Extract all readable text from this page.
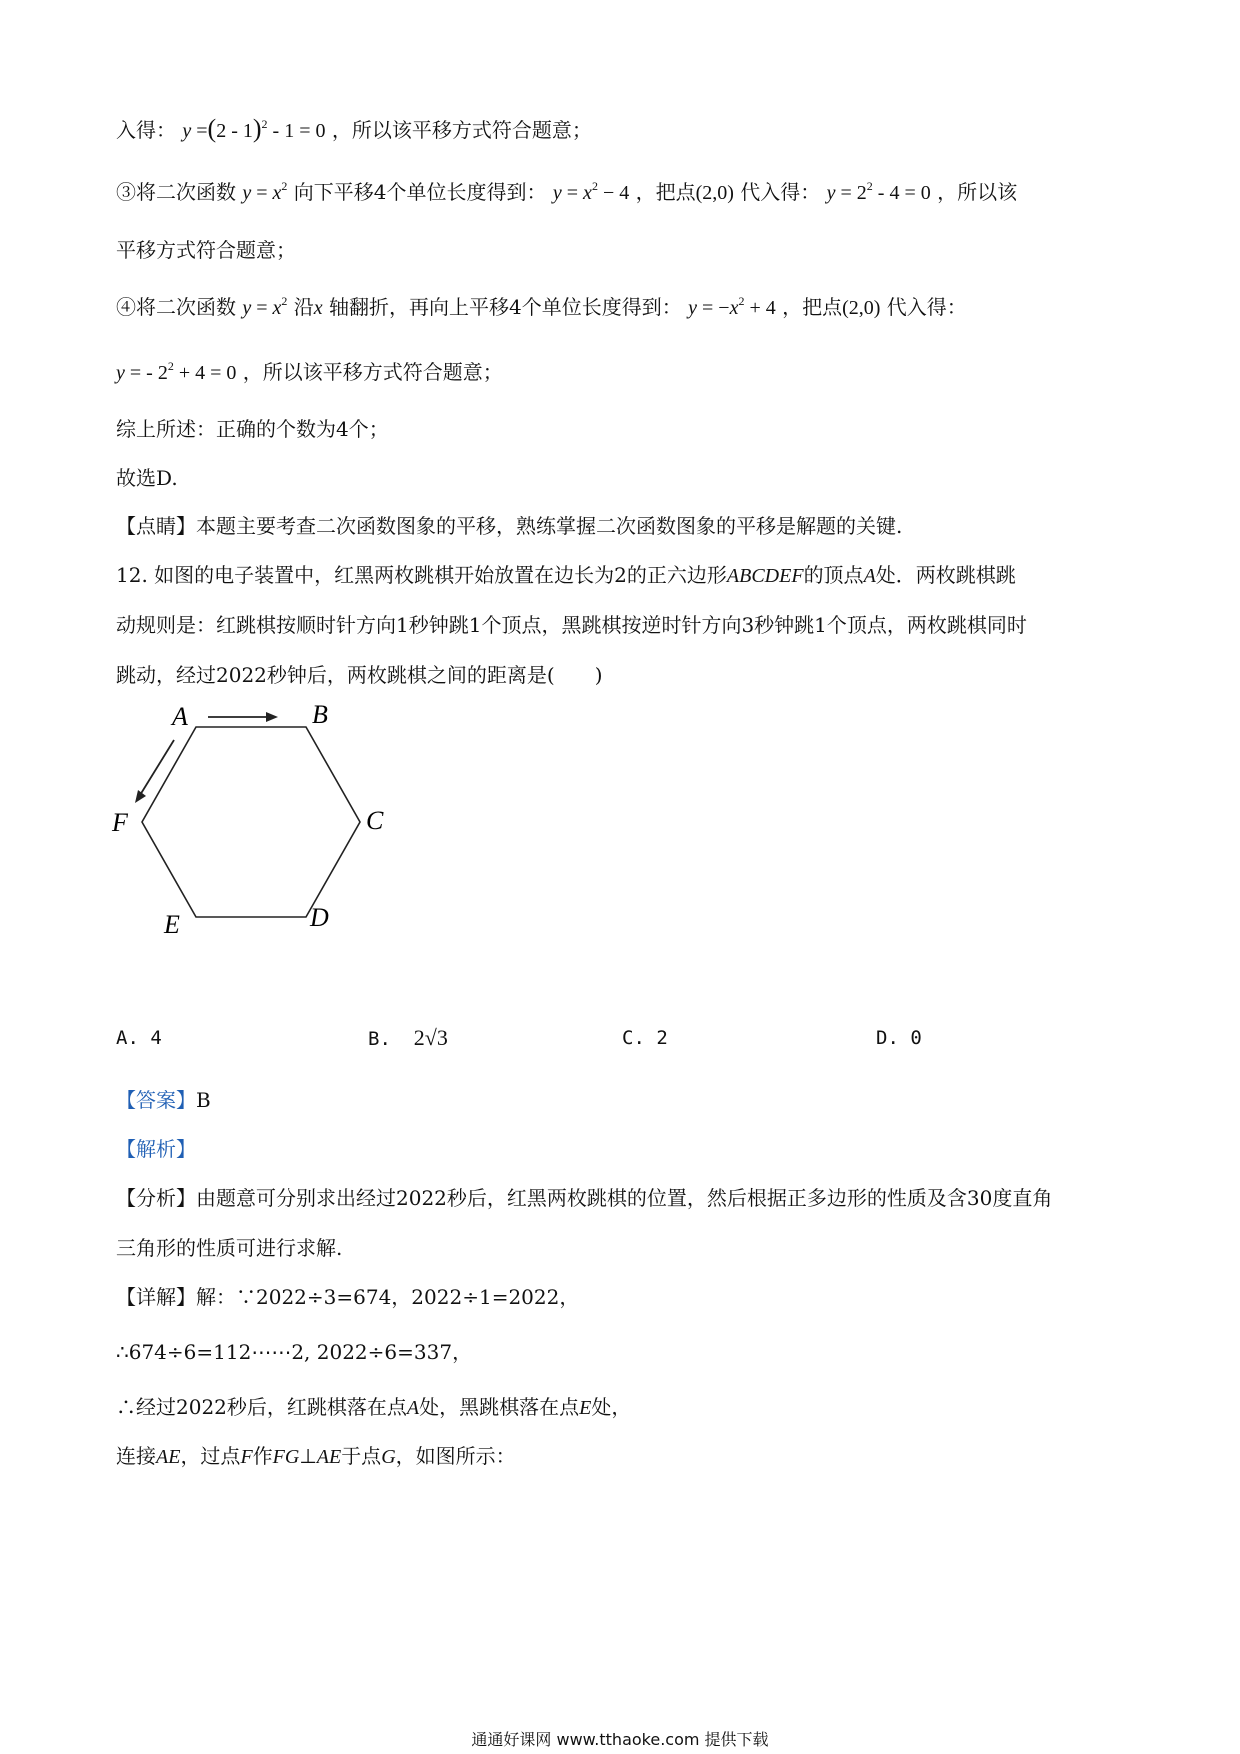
入得： y =(2 - 1)$^2$ - 1 = 0 ，所以该平移方式符合题意；
③将二次函数 $y = x^2$ 向下平移4个单位长度得到： $y = x^2 - 4$ ，把点(2,0) 代入得： $y = 2^2 - 4 = 0$ ，所以该
平移方式符合题意；
④将二次函数 $y = x^2$ 沿x 轴翻折，再向上平移4个单位长度得到： $y = -x^2 + 4$ ，把点(2,0) 代入得：
y = - $2^2 + 4 = 0$ ，所以该平移方式符合题意；
综上所述：正确的个数为4个；
故选D.
【点睛】本题主要考查二次函数图象的平移，熟练掌握二次函数图象的平移是解题的关键.
12. 如图的电子装置中，红黑两枚跳棋开始放置在边长为2的正六边形ABCDEF的顶点A处．两枚跳棋跳
动规则是：红跳棋按顺时针方向1秒钟跳1个顶点，黑跳棋按逆时针方向3秒钟跳1个顶点，两枚跳棋同时
跳动，经过2022秒钟后，两枚跳棋之间的距离是(　　)
A	B
C
D
E
F
A. 4	B. 2√3	C. 2	D. 0
【答案】B
【解析】
【分析】由题意可分别求出经过2022秒后，红黑两枚跳棋的位置，然后根据正多边形的性质及含30度直角
三角形的性质可进行求解.
【详解】解：∵2022÷3=674，2022÷1=2022，
∴674÷6=112⋯⋯2, 2022÷6=337，
∴经过2022秒后，红跳棋落在点A处，黑跳棋落在点E处，
连接AE，过点F作FG⊥AE于点G，如图所示：
通通好课网 www.tthaoke.com 提供下载
